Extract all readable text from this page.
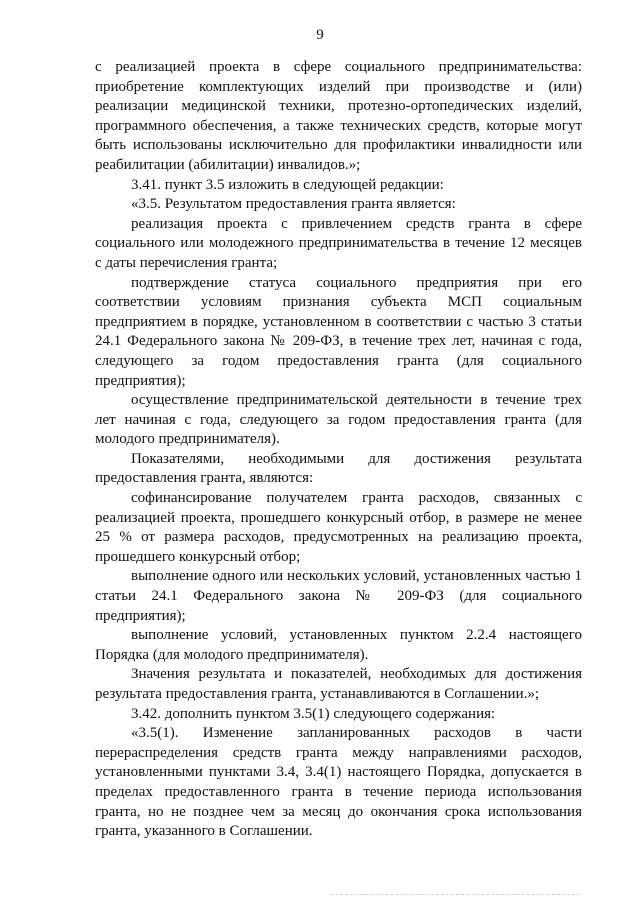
9

с реализацией проекта в сфере социального предпринимательства: приобретение комплектующих изделий при производстве и (или) реализации медицинской техники, протезно-ортопедических изделий, программного обеспечения, а также технических средств, которые могут быть использованы исключительно для профилактики инвалидности или реабилитации (абилитации) инвалидов.»;

3.41. пункт 3.5 изложить в следующей редакции:

«3.5. Результатом предоставления гранта является:

реализация проекта с привлечением средств гранта в сфере социального или молодежного предпринимательства в течение 12 месяцев с даты перечисления гранта;

подтверждение статуса социального предприятия при его соответствии условиям признания субъекта МСП социальным предприятием в порядке, установленном в соответствии с частью 3 статьи 24.1 Федерального закона № 209-ФЗ, в течение трех лет, начиная с года, следующего за годом предоставления гранта (для социального предприятия);

осуществление предпринимательской деятельности в течение трех лет начиная с года, следующего за годом предоставления гранта (для молодого предпринимателя).

Показателями, необходимыми для достижения результата предоставления гранта, являются:

софинансирование получателем гранта расходов, связанных с реализацией проекта, прошедшего конкурсный отбор, в размере не менее 25 % от размера расходов, предусмотренных на реализацию проекта, прошедшего конкурсный отбор;

выполнение одного или нескольких условий, установленных частью 1 статьи 24.1 Федерального закона № 209-ФЗ (для социального предприятия);

выполнение условий, установленных пунктом 2.2.4 настоящего Порядка (для молодого предпринимателя).

Значения результата и показателей, необходимых для достижения результата предоставления гранта, устанавливаются в Соглашении.»;

3.42. дополнить пунктом 3.5(1) следующего содержания:

«3.5(1). Изменение запланированных расходов в части перераспределения средств гранта между направлениями расходов, установленными пунктами 3.4, 3.4(1) настоящего Порядка, допускается в пределах предоставленного гранта в течение периода использования гранта, но не позднее чем за месяц до окончания срока использования гранта, указанного в Соглашении.
